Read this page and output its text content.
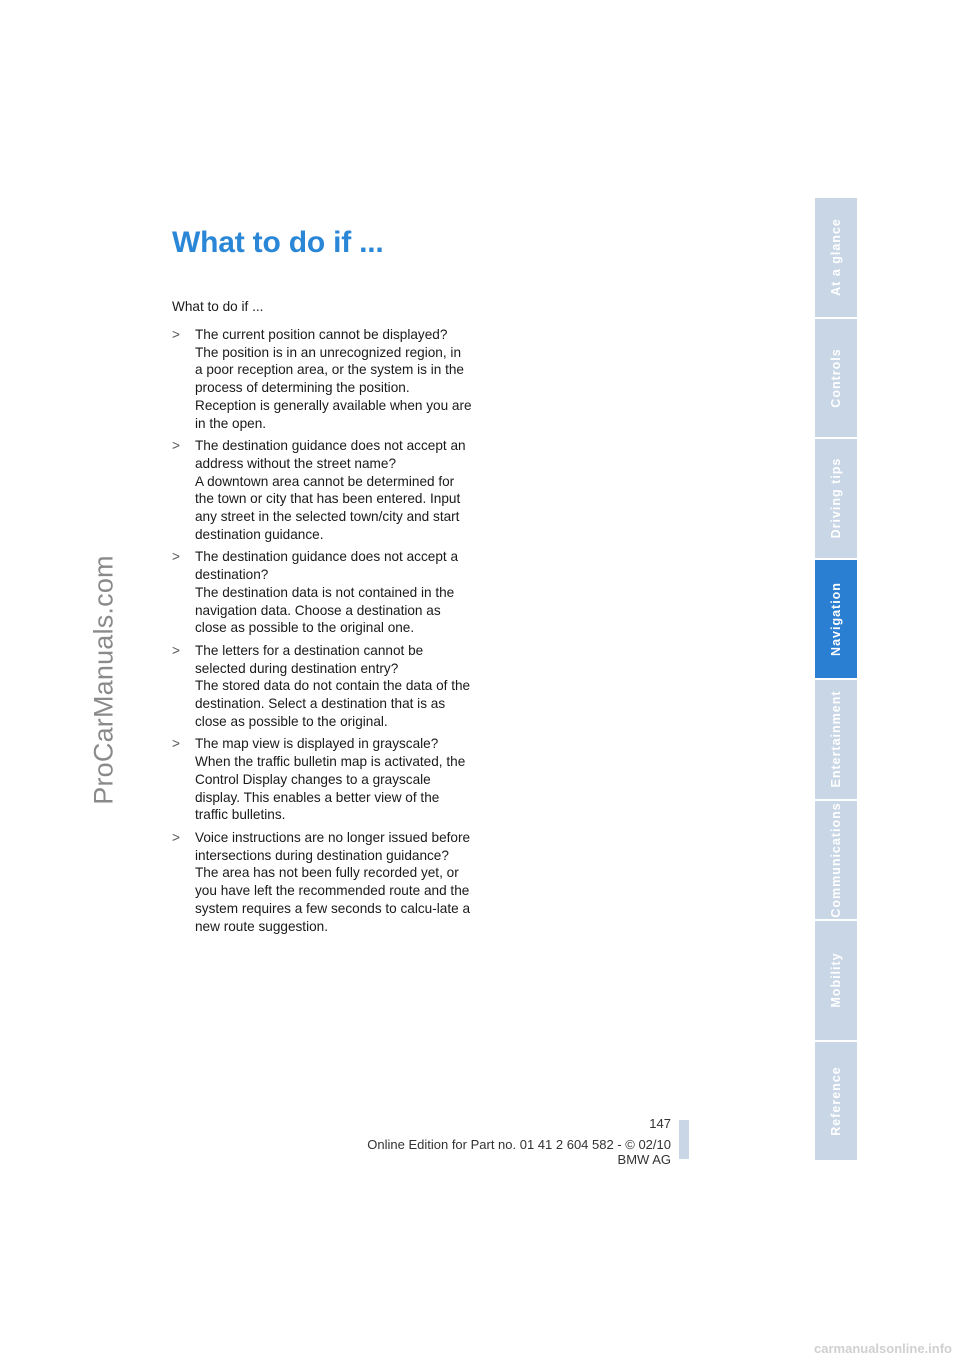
ProCarManuals.com
What to do if ...
What to do if ...
> The current position cannot be displayed?
The position is in an unrecognized region, in a poor reception area, or the system is in the process of determining the position. Reception is generally available when you are in the open.
> The destination guidance does not accept an address without the street name?
A downtown area cannot be determined for the town or city that has been entered. Input any street in the selected town/city and start destination guidance.
> The destination guidance does not accept a destination?
The destination data is not contained in the navigation data. Choose a destination as close as possible to the original one.
> The letters for a destination cannot be selected during destination entry?
The stored data do not contain the data of the destination. Select a destination that is as close as possible to the original.
> The map view is displayed in grayscale?
When the traffic bulletin map is activated, the Control Display changes to a grayscale display. This enables a better view of the traffic bulletins.
> Voice instructions are no longer issued before intersections during destination guidance?
The area has not been fully recorded yet, or you have left the recommended route and the system requires a few seconds to calcu-late a new route suggestion.
At a glance
Controls
Driving tips
Navigation
Entertainment
Communications
Mobility
Reference
147
Online Edition for Part no. 01 41 2 604 582 - © 02/10 BMW AG
carmanualsonline.info
